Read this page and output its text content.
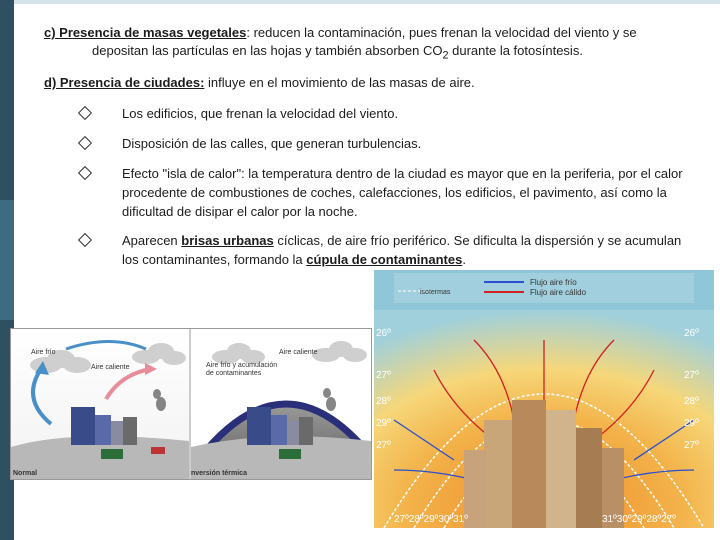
c) Presencia de masas vegetales: reducen la contaminación, pues frenan la velocidad del viento y se
depositan las partículas en las hojas y también absorben $CO_2$ durante la fotosíntesis.
d) Presencia de ciudades: influye en el movimiento de las masas de aire.
Los edificios, que frenan la velocidad del viento.
Disposición de las calles, que generan turbulencias.
Efecto "isla de calor": la temperatura dentro de la ciudad es mayor que en la periferia, por el calor procedente de combustiones de coches, calefacciones, los edificios, el pavimento, así como la dificultad de disipar el calor por la noche.
Aparecen brisas urbanas cíclicas, de aire frío periférico. Se dificulta la dispersión y se acumulan los contaminantes, formando la cúpula de contaminantes.
Aire frío
Aire caliente	Aire frío y acumulación
de contaminantes
Aire caliente
Normal	Inversión térmica
isotermas
Flujo aire frío
Flujo aire cálido
26º
27º
28º
29º
27º
26º
27º
28º
29º
27º
27º28º29º30º31º	31º30º29º28º27º
